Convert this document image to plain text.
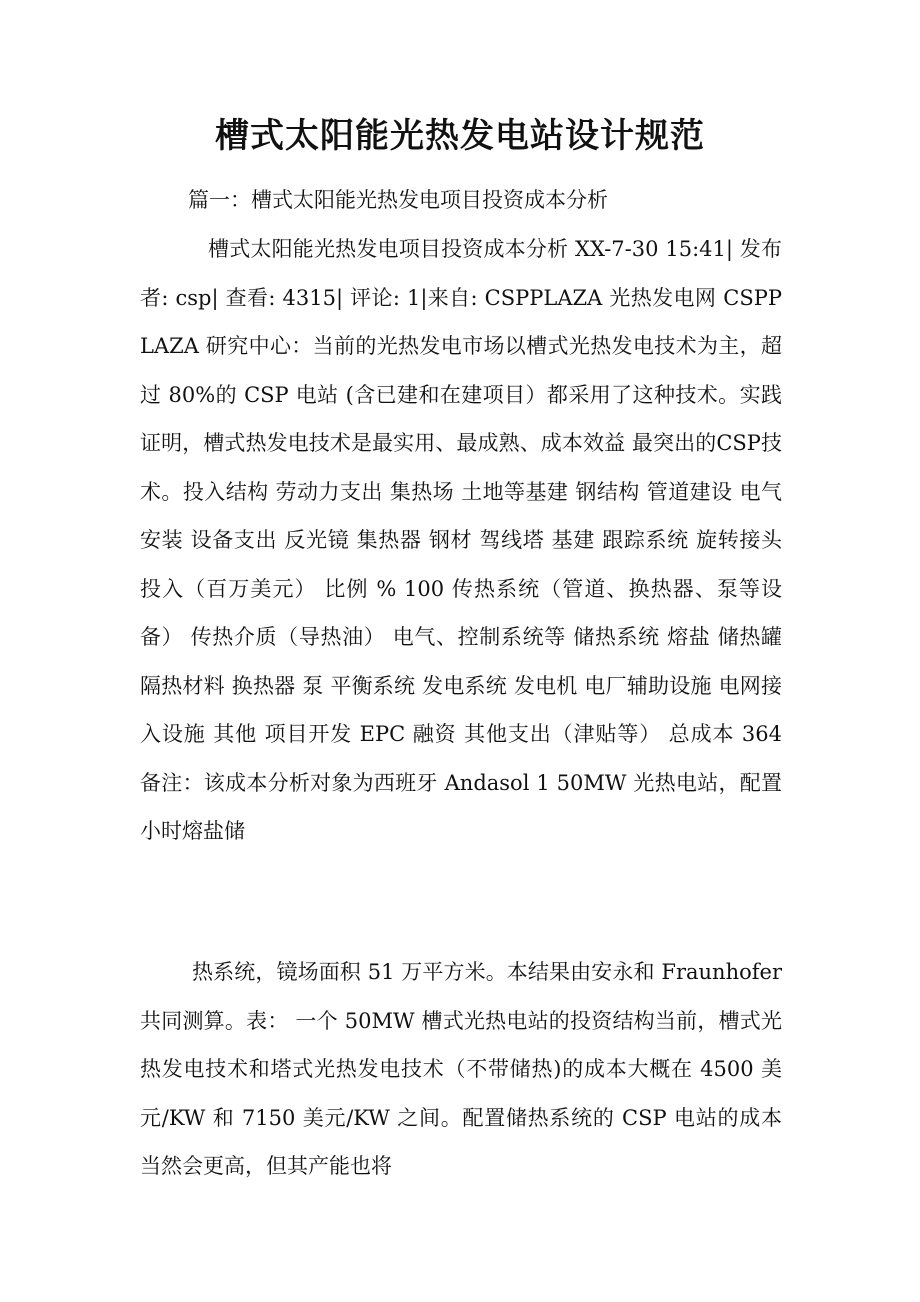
槽式太阳能光热发电站设计规范

篇一：槽式太阳能光热发电项目投资成本分析

槽式太阳能光热发电项目投资成本分析 XX-7-30 15:41| 发布者: csp| 查看: 4315| 评论: 1|来自: CSPPLAZA 光热发电网 CSPPLAZA 研究中心：当前的光热发电市场以槽式光热发电技术为主，超过 80%的 CSP 电站 (含已建和在建项目）都采用了这种技术。实践证明，槽式热发电技术是最实用、最成熟、成本效益 最突出的CSP技术。投入结构 劳动力支出 集热场 土地等基建 钢结构 管道建设 电气安装 设备支出 反光镜 集热器 钢材 驾线塔 基建 跟踪系统 旋转接头 投入（百万美元） 比例 % 100 传热系统（管道、换热器、泵等设备） 传热介质（导热油） 电气、控制系统等 储热系统 熔盐 储热罐 隔热材料 换热器 泵 平衡系统 发电系统 发电机 电厂辅助设施 电网接入设施 其他 项目开发 EPC 融资 其他支出（津贴等） 总成本 364 备注：该成本分析对象为西班牙 Andasol 1 50MW 光热电站，配置 小时熔盐储

热系统，镜场面积 51 万平方米。本结果由安永和 Fraunhofer 共同测算。表： 一个 50MW 槽式光热电站的投资结构当前，槽式光热发电技术和塔式光热发电技术（不带储热)的成本大概在 4500 美元/KW 和 7150 美元/KW 之间。配置储热系统的 CSP 电站的成本当然会更高，但其产能也将
